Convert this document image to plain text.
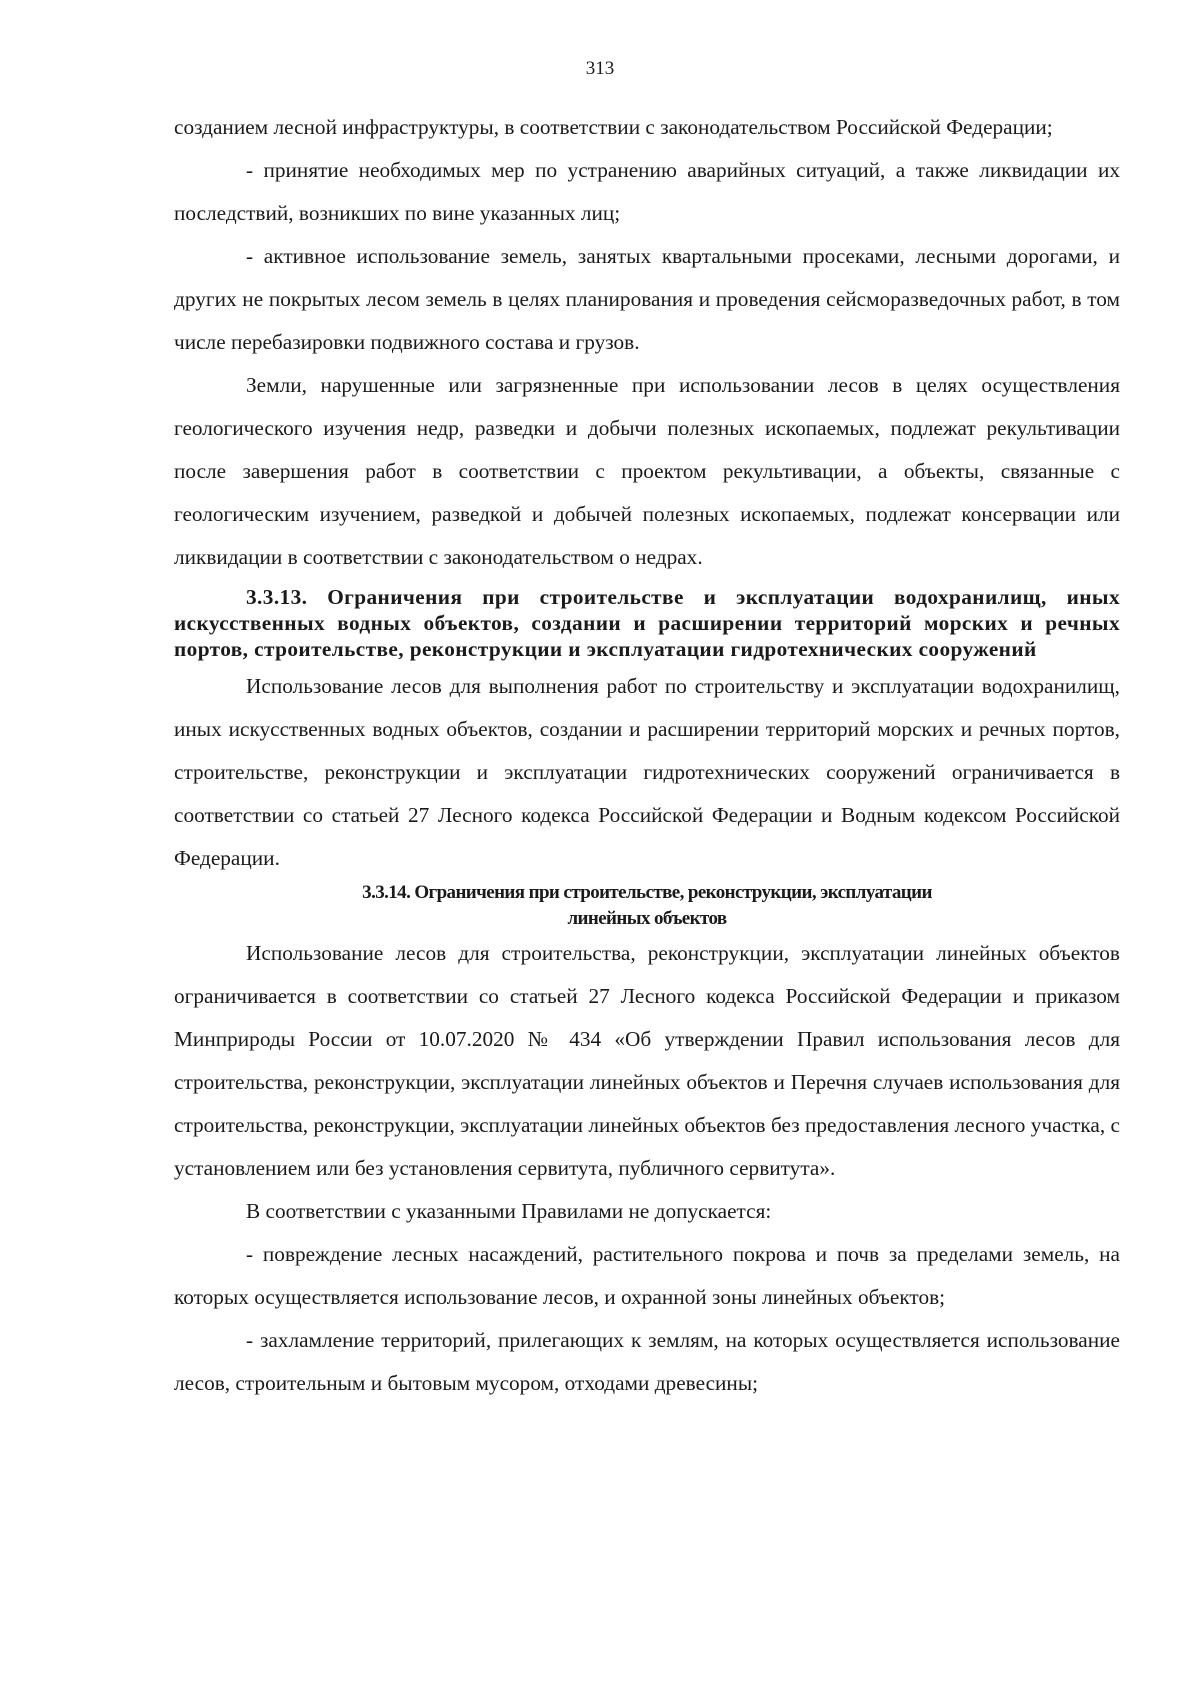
313

созданием лесной инфраструктуры, в соответствии с законодательством Российской Федерации;

- принятие необходимых мер по устранению аварийных ситуаций, а также ликвидации их последствий, возникших по вине указанных лиц;

- активное использование земель, занятых квартальными просеками, лесными дорогами, и других не покрытых лесом земель в целях планирования и проведения сейсморазведочных работ, в том числе перебазировки подвижного состава и грузов.

Земли, нарушенные или загрязненные при использовании лесов в целях осуществления геологического изучения недр, разведки и добычи полезных ископаемых, подлежат рекультивации после завершения работ в соответствии с проектом рекультивации, а объекты, связанные с геологическим изучением, разведкой и добычей полезных ископаемых, подлежат консервации или ликвидации в соответствии с законодательством о недрах.

3.3.13. Ограничения при строительстве и эксплуатации водохранилищ, иных искусственных водных объектов, создании и расширении территорий морских и речных портов, строительстве, реконструкции и эксплуатации гидротехнических сооружений

Использование лесов для выполнения работ по строительству и эксплуатации водохранилищ, иных искусственных водных объектов, создании и расширении территорий морских и речных портов, строительстве, реконструкции и эксплуатации гидротехнических сооружений ограничивается в соответствии со статьей 27 Лесного кодекса Российской Федерации и Водным кодексом Российской Федерации.

3.3.14. Ограничения при строительстве, реконструкции, эксплуатации
линейных объектов

Использование лесов для строительства, реконструкции, эксплуатации линейных объектов ограничивается в соответствии со статьей 27 Лесного кодекса Российской Федерации и приказом Минприроды России от 10.07.2020 № 434 «Об утверждении Правил использования лесов для строительства, реконструкции, эксплуатации линейных объектов и Перечня случаев использования для строительства, реконструкции, эксплуатации линейных объектов без предоставления лесного участка, с установлением или без установления сервитута, публичного сервитута».

В соответствии с указанными Правилами не допускается:

- повреждение лесных насаждений, растительного покрова и почв за пределами земель, на которых осуществляется использование лесов, и охранной зоны линейных объектов;

- захламление территорий, прилегающих к землям, на которых осуществляется использование лесов, строительным и бытовым мусором, отходами древесины;
